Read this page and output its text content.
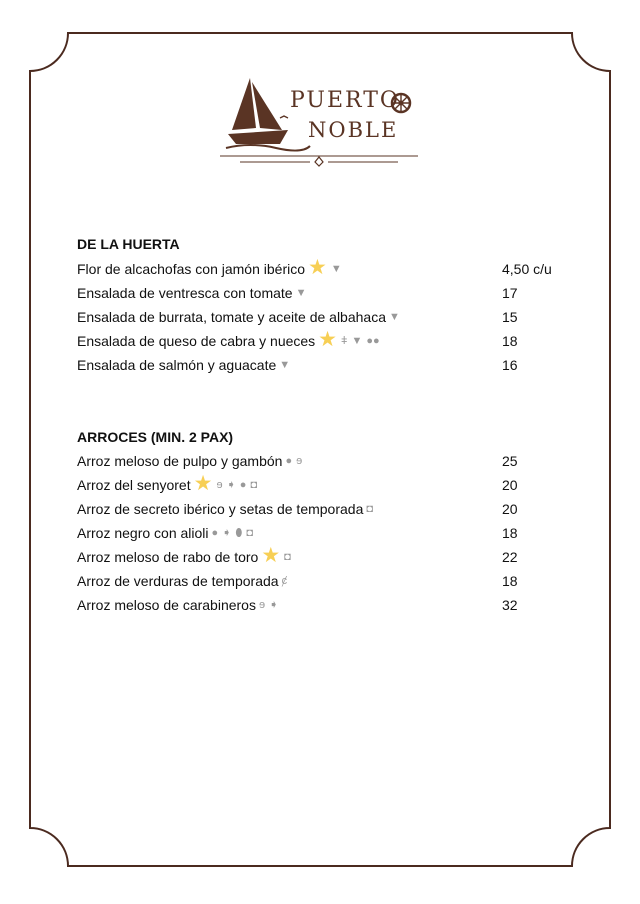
PUERTO
NOBLE
DE LA HUERTA
Flor de alcachofas con jamón ibérico ★ ▼	4,50 c/u
Ensalada de ventresca con tomate ▼	17
Ensalada de burrata, tomate y aceite de albahaca ▼	15
Ensalada de queso de cabra y nueces ★ ǂ ▼ ●●	18
Ensalada de salmón y aguacate ▼	16
ARROCES (MIN. 2 PAX)
Arroz meloso de pulpo y gambón ● ɘ	25
Arroz del senyoret ★ ɘ ➧ ● ◘	20
Arroz de secreto ibérico y setas de temporada ◘	20
Arroz negro con alioli ● ➧ ⬮ ◘	18
Arroz meloso de rabo de toro ★ ◘	22
Arroz de verduras de temporada ȼ	18
Arroz meloso de carabineros ɘ ➧	32
